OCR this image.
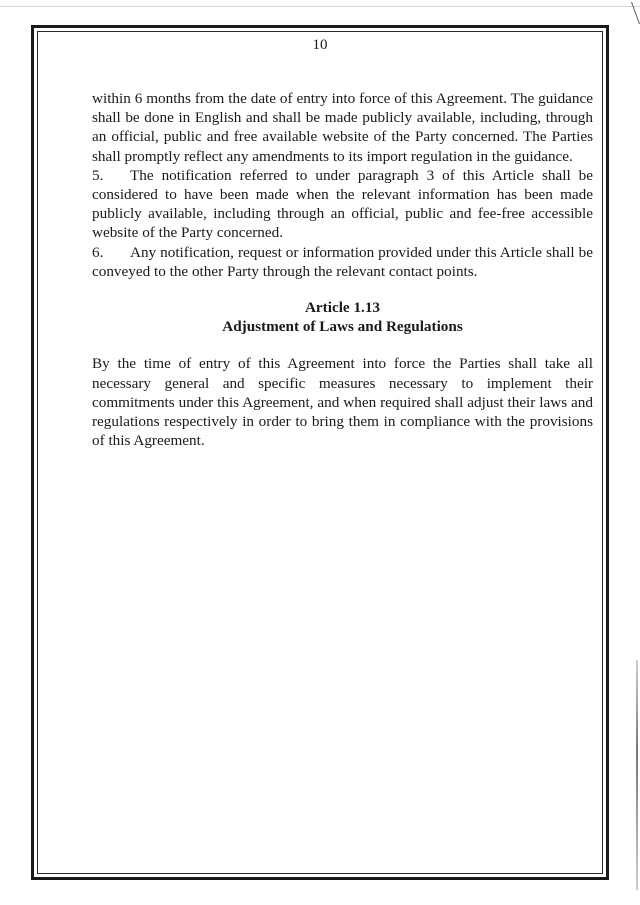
10

within 6 months from the date of entry into force of this Agreement. The guidance shall be done in English and shall be made publicly available, including, through an official, public and free available website of the Party concerned. The Parties shall promptly reflect any amendments to its import regulation in the guidance.

5. The notification referred to under paragraph 3 of this Article shall be considered to have been made when the relevant information has been made publicly available, including through an official, public and fee-free accessible website of the Party concerned.

6. Any notification, request or information provided under this Article shall be conveyed to the other Party through the relevant contact points.

Article 1.13

Adjustment of Laws and Regulations

By the time of entry of this Agreement into force the Parties shall take all necessary general and specific measures necessary to implement their commitments under this Agreement, and when required shall adjust their laws and regulations respectively in order to bring them in compliance with the provisions of this Agreement.
